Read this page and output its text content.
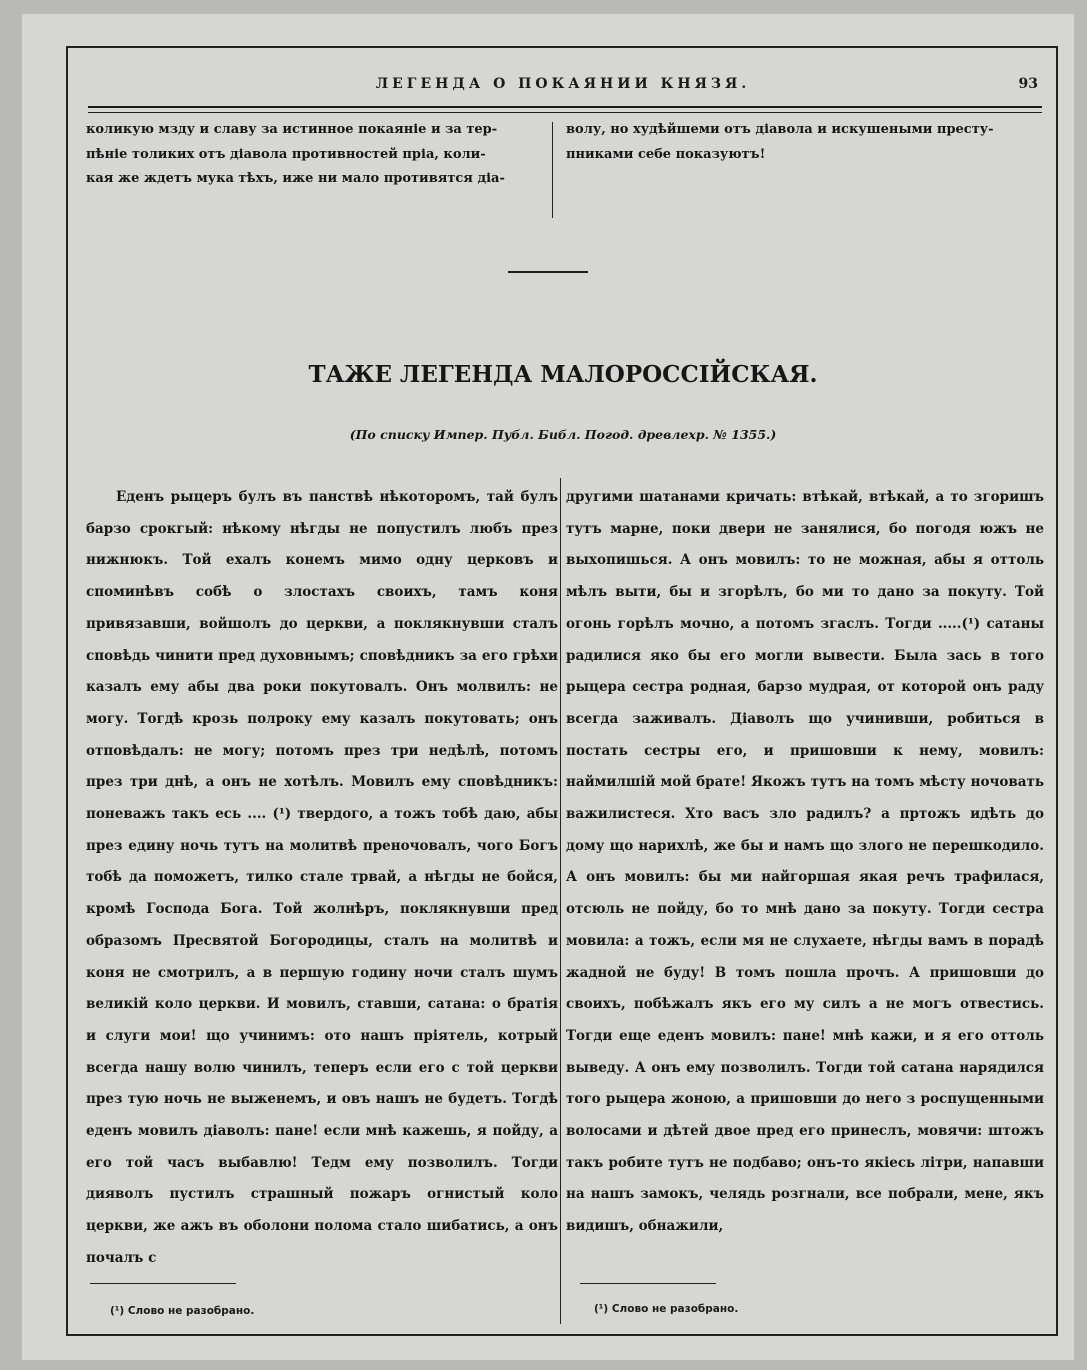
ЛЕГЕНДА О ПОКАЯНИИ КНЯЗЯ.	93

коликую мзду и славу за истинное покаяніе и за тер-

пѣніе толиких отъ діавола противностей пріа, коли-

кая же ждетъ мука тѣхъ, иже ни мало противятся діа-

волу, но худѣйшеми отъ діавола и искушеными престу-

пниками себе показуютъ!

ТАЖЕ ЛЕГЕНДА МАЛОРОССІЙСКАЯ.
(По списку Импер. Публ. Библ. Погод. древлехр. № 1355.)

Еденъ рыцеръ булъ въ панствѣ нѣкоторомъ, тай булъ барзо срокгый: нѣкому нѣгды не попустилъ любъ през нижнюкъ. Той ехалъ конемъ мимо одну церковъ и споминѣвъ собѣ о злостахъ своихъ, тамъ коня привязавши, войшолъ до церкви, а поклякнувши сталъ сповѣдь чинити пред духовнымъ; сповѣдникъ за его грѣхи казалъ ему абы два роки покутовалъ. Онъ молвилъ: не могу. Тогдѣ крозь полроку ему казалъ покутовать; онъ отповѣдалъ: не могу; потомъ през три недѣлѣ, потомъ през три днѣ, а онъ не хотѣлъ. Мовилъ ему сповѣдникъ: поневажъ такъ есь .... (¹) твердого, а тожъ тобѣ даю, абы през едину ночь тутъ на молитвѣ преночовалъ, чого Богъ тобѣ да поможетъ, тилко стале трвай, а нѣгды не бойся, кромѣ Господа Бога. Той жолнѣръ, поклякнувши пред образомъ Пресвятой Богородицы, сталъ на молитвѣ и коня не смотрилъ, а в першую годину ночи сталъ шумъ великій коло церкви. И мовилъ, ставши, сатана: о братія и слуги мои! що учинимъ: ото нашъ пріятель, котрый всегда нашу волю чинилъ, теперъ если его с той церкви през тую ночь не выженемъ, и овъ нашъ не будетъ. Тогдѣ еденъ мовилъ діаволъ: пане! если мнѣ кажешь, я пойду, а его той часъ выбавлю! Тедм ему позволилъ. Тогди дияволъ пустилъ страшный пожаръ огнистый коло церкви, же ажъ въ оболони полома стало шибатись, а онъ почалъ с

другими шатанами кричать: втѣкай, втѣкай, а то згоришъ тутъ марне, поки двери не занялися, бо погодя южъ не выхопишься. А онъ мовилъ: то не можная, абы я оттоль мѣлъ выти, бы и згорѣлъ, бо ми то дано за покуту. Той огонь горѣлъ мочно, а потомъ згаслъ. Тогди .....(¹) сатаны радилися яко бы его могли вывести. Была зась в того рыцера сестра родная, барзо мудрая, от которой онъ раду всегда заживалъ. Діаволъ що учинивши, робиться в постать сестры его, и пришовши к нему, мовилъ: наймилшій мой брате! Якожъ тутъ на томъ мѣсту ночовать важилистеся. Хто васъ зло радилъ? а пртожъ идѣть до дому що нарихлѣ, же бы и намъ що злого не перешкодило. А онъ мовилъ: бы ми найгоршая якая речъ трафилася, отсюль не пойду, бо то мнѣ дано за покуту. Тогди сестра мовила: а тожъ, если мя не слухаете, нѣгды вамъ в порадѣ жадной не буду! В томъ пошла прочъ. А пришовши до своихъ, побѣжалъ якъ его му силъ а не могъ отвестись. Тогди еще еденъ мовилъ: пане! мнѣ кажи, и я его оттоль выведу. А онъ ему позволилъ. Тогди той сатана нарядился того рыцера жоною, а пришовши до него з роспущенными волосами и дѣтей двое пред его принеслъ, мовячи: штожъ такъ робите тутъ не подбаво; онъ-то якіесь літри, напавши на нашъ замокъ, челядь розгнали, все побрали, мене, якъ видишъ, обнажили,

(¹) Слово не разобрано.	(¹) Слово не разобрано.
